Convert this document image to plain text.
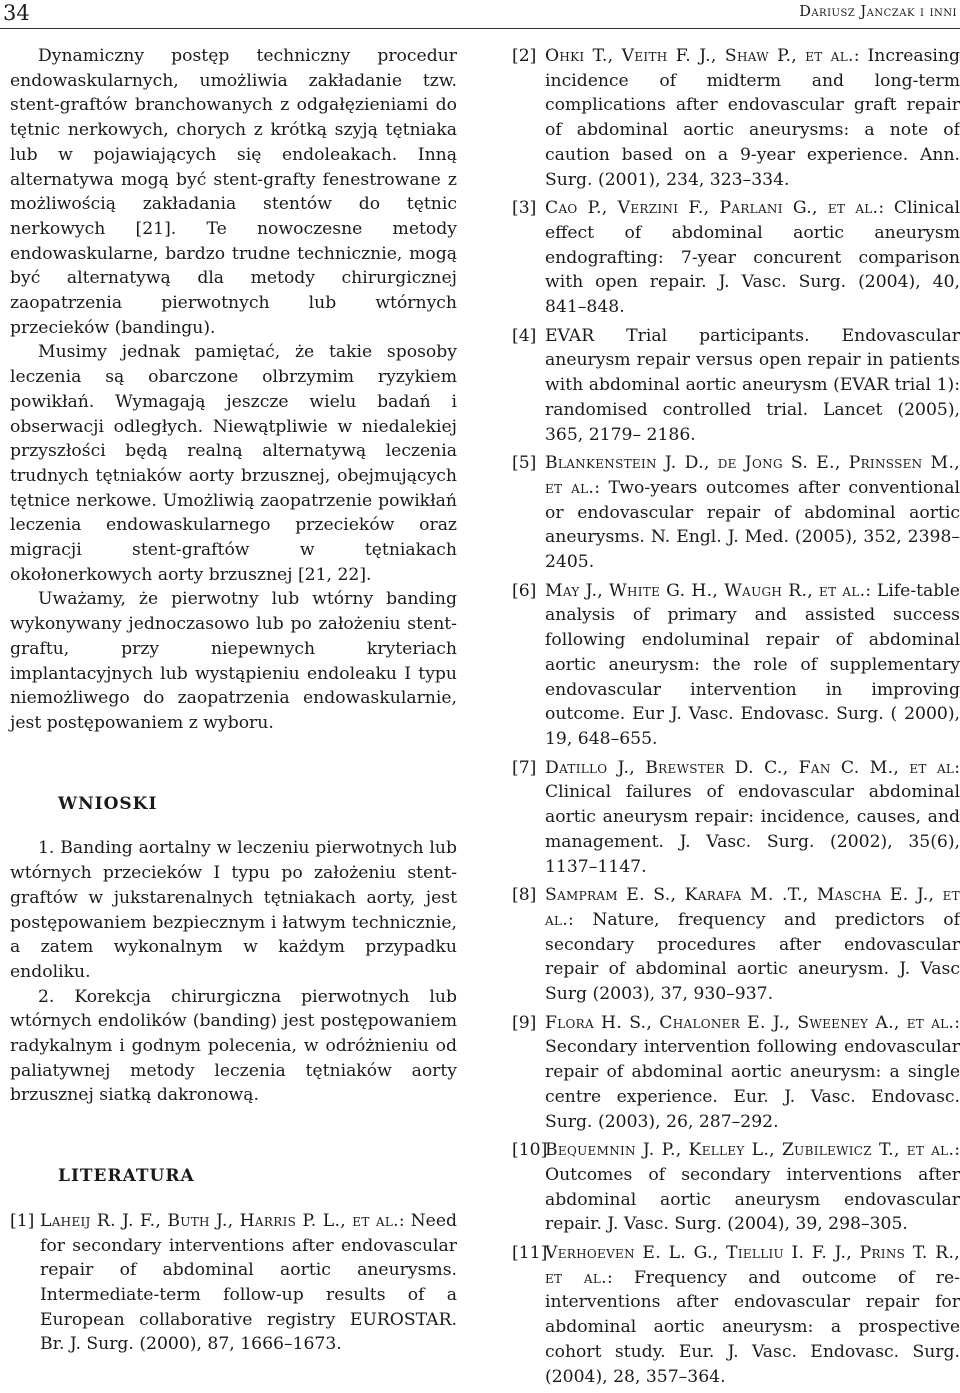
34	Dariusz Janczak i inni

Dynamiczny postęp techniczny procedur endowaskularnych, umożliwia zakładanie tzw. stent-graftów branchowanych z odgałęzieniami do tętnic nerkowych, chorych z krótką szyją tętniaka lub w pojawiających się endoleakach. Inną alternatywa mogą być stent-grafty fenestrowane z możliwością zakładania stentów do tętnic nerkowych [21]. Te nowoczesne metody endowaskularne, bardzo trudne technicznie, mogą być alternatywą dla metody chirurgicznej zaopatrzenia pierwotnych lub wtórnych przecieków (bandingu).

Musimy jednak pamiętać, że takie sposoby leczenia są obarczone olbrzymim ryzykiem powikłań. Wymagają jeszcze wielu badań i obserwacji odległych. Niewątpliwie w niedalekiej przyszłości będą realną alternatywą leczenia trudnych tętniaków aorty brzusznej, obejmujących tętnice nerkowe. Umożliwią zaopatrzenie powikłań leczenia endowaskularnego przecieków oraz migracji stent-graftów w tętniakach okołonerkowych aorty brzusznej [21, 22].

Uważamy, że pierwotny lub wtórny banding wykonywany jednoczasowo lub po założeniu stent-graftu, przy niepewnych kryteriach implantacyjnych lub wystąpieniu endoleaku I typu niemożliwego do zaopatrzenia endowaskularnie, jest postępowaniem z wyboru.

WNIOSKI

1. Banding aortalny w leczeniu pierwotnych lub wtórnych przecieków I typu po założeniu stent-graftów w jukstarenalnych tętniakach aorty, jest postępowaniem bezpiecznym i łatwym technicznie, a zatem wykonalnym w każdym przypadku endoliku.

2. Korekcja chirurgiczna pierwotnych lub wtórnych endolików (banding) jest postępowaniem radykalnym i godnym polecenia, w odróżnieniu od paliatywnej metody leczenia tętniaków aorty brzusznej siatką dakronową.

LITERATURA
[1] Laheij R. J. F., Buth J., Harris P. L., et al.: Need for secondary interventions after endovascular repair of abdominal aortic aneurysms. Intermediate-term follow-up results of a European collaborative registry EUROSTAR. Br. J. Surg. (2000), 87, 1666–1673.
[2] Ohki T., Veith F. J., Shaw P., et al.: Increasing incidence of midterm and long-term complications after endovascular graft repair of abdominal aortic aneurysms: a note of caution based on a 9-year experience. Ann. Surg. (2001), 234, 323–334.
[3] Cao P., Verzini F., Parlani G., et al.: Clinical effect of abdominal aortic aneurysm endografting: 7-year concurent comparison with open repair. J. Vasc. Surg. (2004), 40, 841–848.
[4] EVAR Trial participants. Endovascular aneurysm repair versus open repair in patients with abdominal aortic aneurysm (EVAR trial 1): randomised controlled trial. Lancet (2005), 365, 2179– 2186.
[5] Blankenstein J. D., de Jong S. E., Prinssen M., et al.: Two-years outcomes after conventional or endovascular repair of abdominal aortic aneurysms. N. Engl. J. Med. (2005), 352, 2398–2405.
[6] May J., White G. H., Waugh R., et al.: Life-table analysis of primary and assisted success following endoluminal repair of abdominal aortic aneurysm: the role of supplementary endovascular intervention in improving outcome. Eur J. Vasc. Endovasc. Surg. ( 2000), 19, 648–655.
[7] Datillo J., Brewster D. C., Fan C. M., et al: Clinical failures of endovascular abdominal aortic aneurysm repair: incidence, causes, and management. J. Vasc. Surg. (2002), 35(6), 1137–1147.
[8] Sampram E. S., Karafa M. .T., Mascha E. J., et al.: Nature, frequency and predictors of secondary procedures after endovascular repair of abdominal aortic aneurysm. J. Vasc Surg (2003), 37, 930–937.
[9] Flora H. S., Chaloner E. J., Sweeney A., et al.: Secondary intervention following endovascular repair of abdominal aortic aneurysm: a single centre experience. Eur. J. Vasc. Endovasc. Surg. (2003), 26, 287–292.
[10]
Bequemnin J. P., Kelley L., Zubilewicz T., et al.: Outcomes of secondary interventions after abdominal aortic aneurysm endovascular repair. J. Vasc. Surg. (2004), 39, 298–305.
[11]
Verhoeven E. L. G., Tielliu I. F. J., Prins T. R., et al.: Frequency and outcome of re-interventions after endovascular repair for abdominal aortic aneurysm: a prospective cohort study. Eur. J. Vasc. Endovasc. Surg. (2004), 28, 357–364.
